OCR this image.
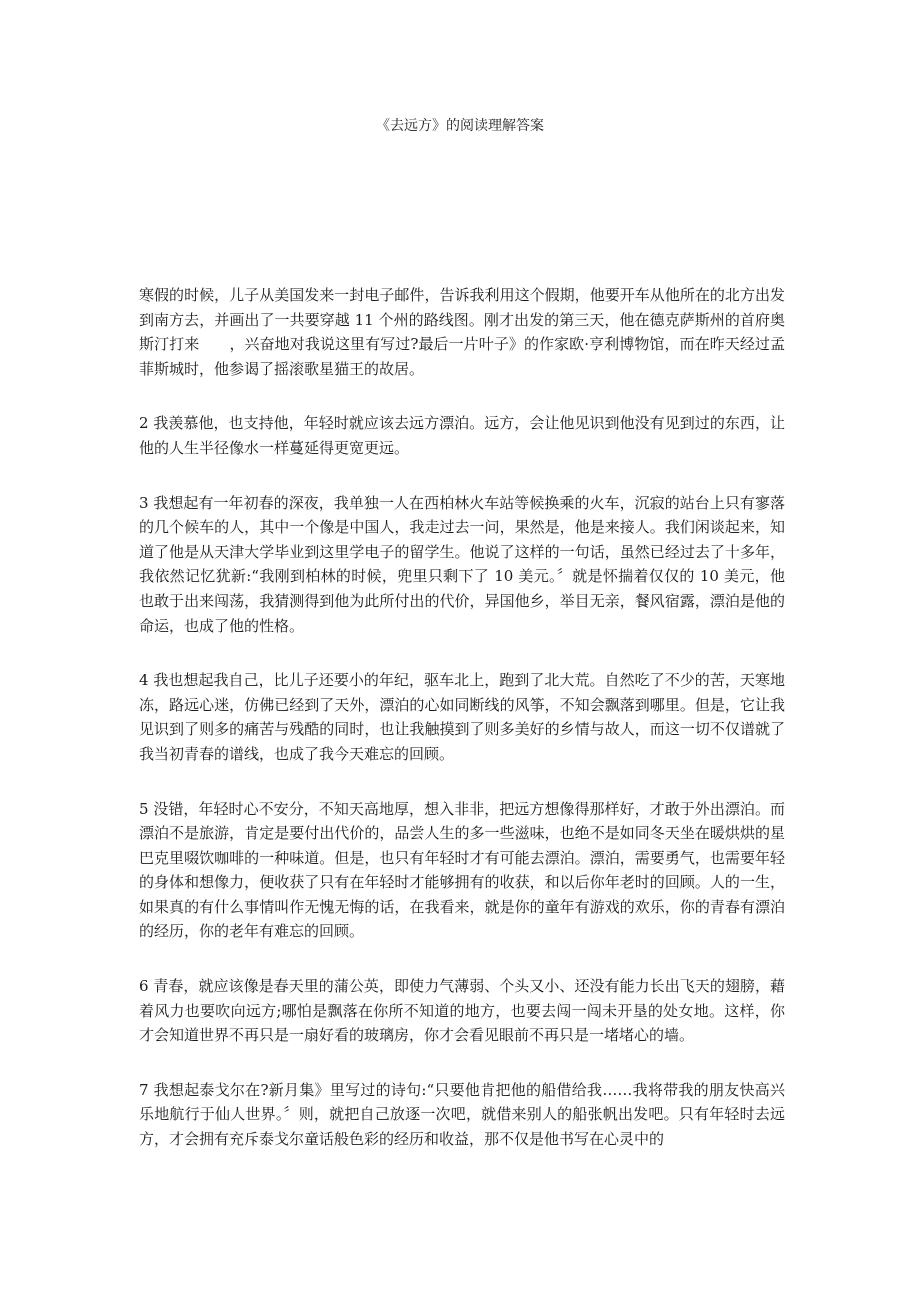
《去远方》的阅读理解答案

寒假的时候，儿子从美国发来一封电子邮件，告诉我利用这个假期，他要开车从他所在的北方出发到南方去，并画出了一共要穿越 11 个州的路线图。刚才出发的第三天，他在德克萨斯州的首府奥斯汀打来　　，兴奋地对我说这里有写过?最后一片叶子》的作家欧·亨利博物馆，而在昨天经过孟菲斯城时，他参谒了摇滚歌星猫王的故居。

2 我羡慕他，也支持他，年轻时就应该去远方漂泊。远方，会让他见识到他没有见到过的东西，让他的人生半径像水一样蔓延得更宽更远。

3 我想起有一年初春的深夜，我单独一人在西柏林火车站等候换乘的火车，沉寂的站台上只有寥落的几个候车的人，其中一个像是中国人，我走过去一问，果然是，他是来接人。我们闲谈起来，知道了他是从天津大学毕业到这里学电子的留学生。他说了这样的一句话，虽然已经过去了十多年，我依然记忆犹新:“我刚到柏林的时候，兜里只剩下了 10 美元。〞就是怀揣着仅仅的 10 美元，他也敢于出来闯荡，我猜测得到他为此所付出的代价，异国他乡，举目无亲，餐风宿露，漂泊是他的命运，也成了他的性格。

4 我也想起我自己，比儿子还要小的年纪，驱车北上，跑到了北大荒。自然吃了不少的苦，天寒地冻，路远心迷，仿佛已经到了天外，漂泊的心如同断线的风筝，不知会飘落到哪里。但是，它让我见识到了则多的痛苦与残酷的同时，也让我触摸到了则多美好的乡情与故人，而这一切不仅谱就了我当初青春的谱线，也成了我今天难忘的回顾。

5 没错，年轻时心不安分，不知天高地厚，想入非非，把远方想像得那样好，才敢于外出漂泊。而漂泊不是旅游，肯定是要付出代价的，品尝人生的多一些滋味，也绝不是如同冬天坐在暖烘烘的星巴克里啜饮咖啡的一种味道。但是，也只有年轻时才有可能去漂泊。漂泊，需要勇气，也需要年轻的身体和想像力，便收获了只有在年轻时才能够拥有的收获，和以后你年老时的回顾。人的一生，如果真的有什么事情叫作无愧无悔的话，在我看来，就是你的童年有游戏的欢乐，你的青春有漂泊的经历，你的老年有难忘的回顾。

6 青春，就应该像是春天里的蒲公英，即使力气薄弱、个头又小、还没有能力长出飞天的翅膀，藉着风力也要吹向远方;哪怕是飘落在你所不知道的地方，也要去闯一闯未开垦的处女地。这样，你才会知道世界不再只是一扇好看的玻璃房，你才会看见眼前不再只是一堵堵心的墙。

7 我想起泰戈尔在?新月集》里写过的诗句:“只要他肯把他的船借给我……我将带我的朋友快高兴乐地航行于仙人世界。〞则，就把自己放逐一次吧，就借来别人的船张帆出发吧。只有年轻时去远方，才会拥有充斥泰戈尔童话般色彩的经历和收益，那不仅是他书写在心灵中的
